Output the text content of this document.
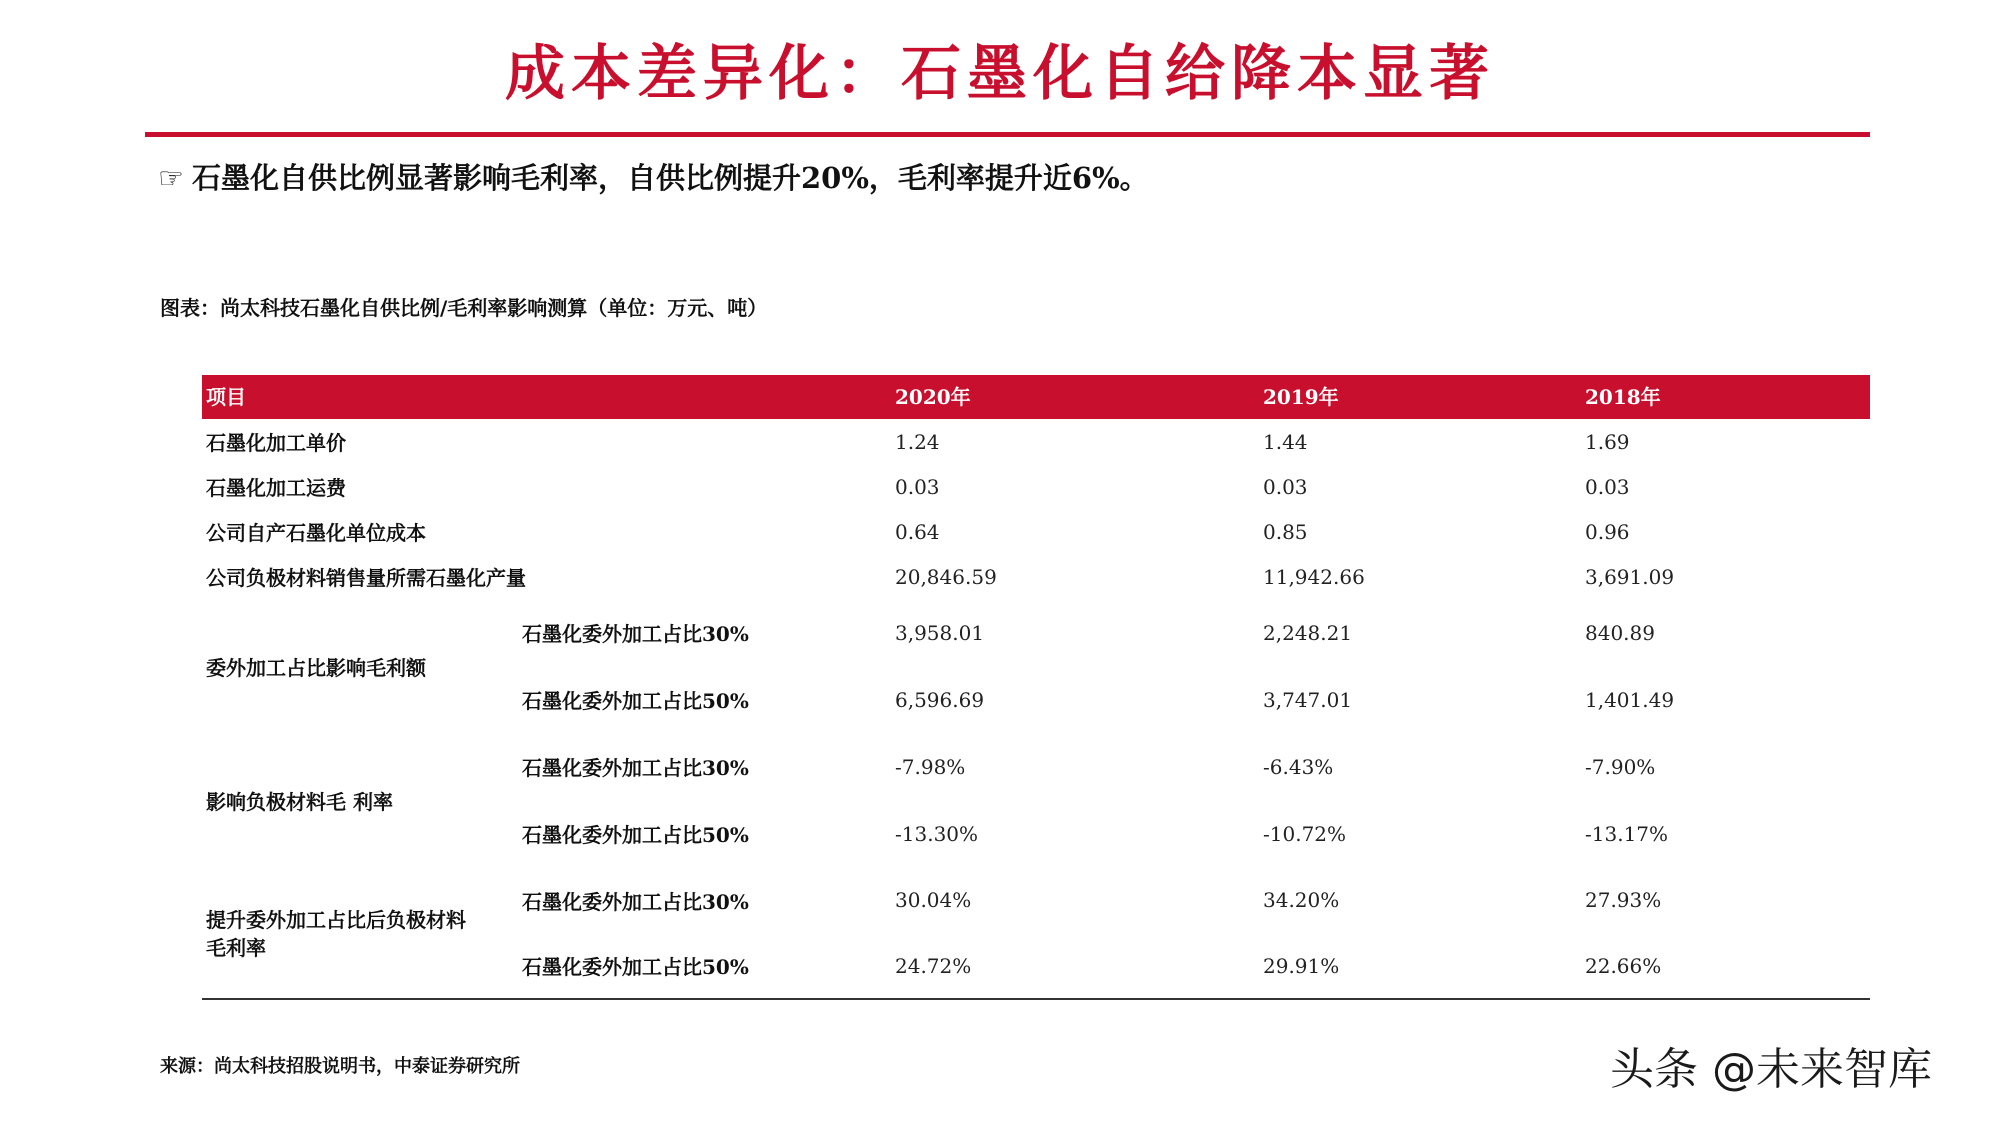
成本差异化：石墨化自给降本显著
☞ 石墨化自供比例显著影响毛利率，自供比例提升20%，毛利率提升近6%。
图表：尚太科技石墨化自供比例/毛利率影响测算（单位：万元、吨）
项目	2020年	2019年	2018年
石墨化加工单价	1.24	1.44	1.69
石墨化加工运费	0.03	0.03	0.03
公司自产石墨化单位成本	0.64	0.85	0.96
公司负极材料销售量所需石墨化产量	20,846.59	11,942.66	3,691.09
委外加工占比影响毛利额
石墨化委外加工占比30%	3,958.01	2,248.21	840.89
石墨化委外加工占比50%	6,596.69	3,747.01	1,401.49
影响负极材料毛 利率
石墨化委外加工占比30%	-7.98%	-6.43%	-7.90%
石墨化委外加工占比50%	-13.30%	-10.72%	-13.17%
提升委外加工占比后负极材料
毛利率
石墨化委外加工占比30%	30.04%	34.20%	27.93%
石墨化委外加工占比50%	24.72%	29.91%	22.66%
来源：尚太科技招股说明书，中泰证券研究所	头条 @未来智库
